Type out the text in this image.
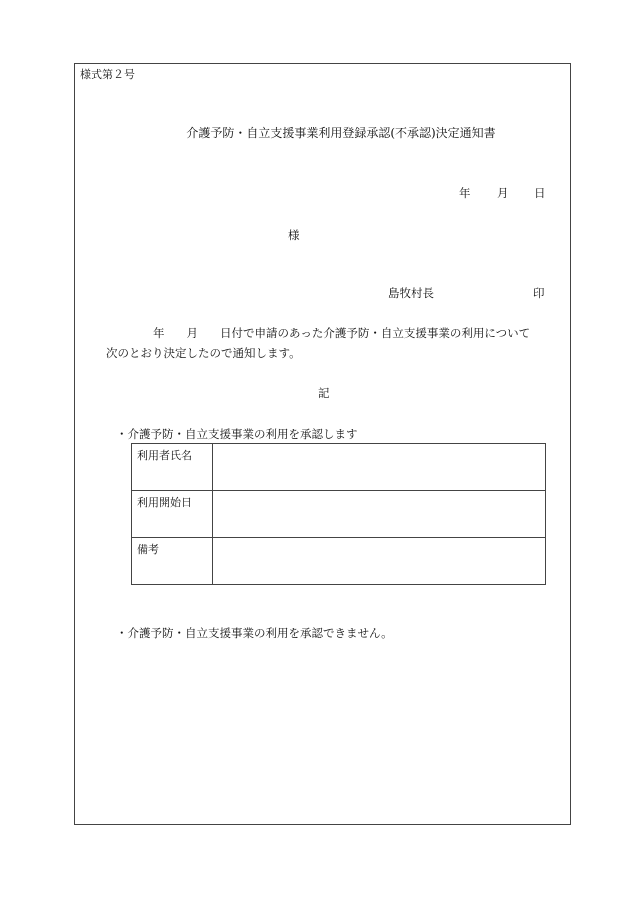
様式第２号
介護予防・自立支援事業利用登録承認(不承認)決定通知書
年 月 日
様
島牧村長	印
年 月 日付で申請のあった介護予防・自立支援事業の利用について
次のとおり決定したので通知します。
記
・介護予防・自立支援事業の利用を承認します
利用者氏名	
利用開始日	
備考	
・介護予防・自立支援事業の利用を承認できません。
